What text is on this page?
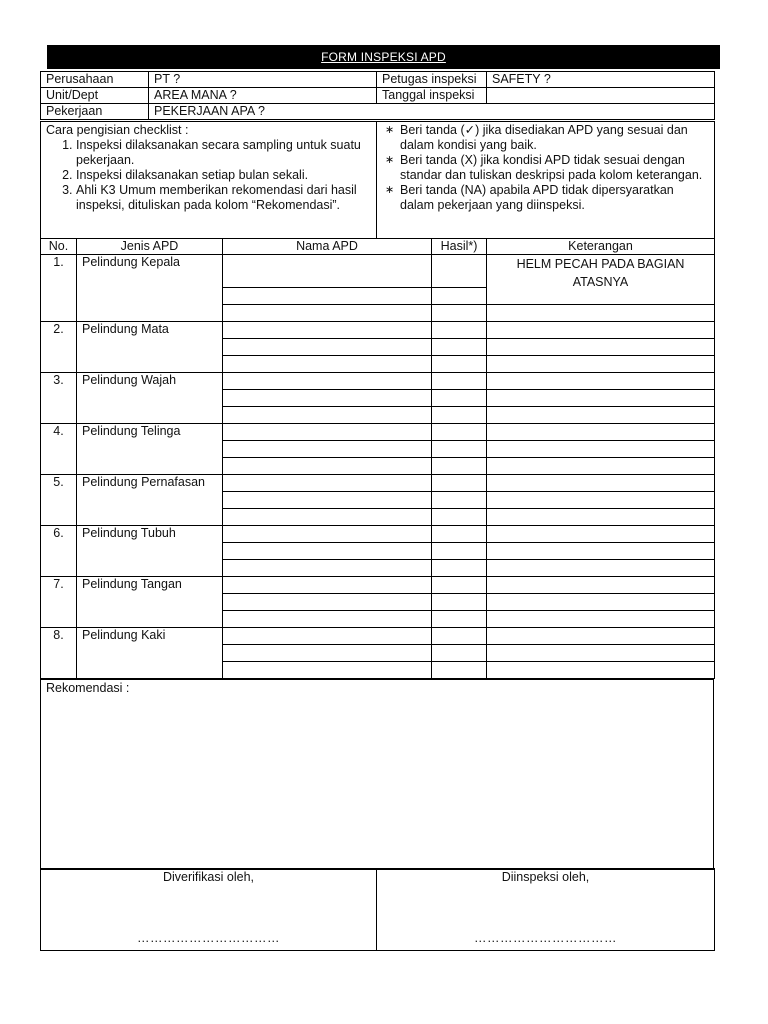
FORM INSPEKSI APD
Perusahaan	PT ?	Petugas inspeksi	SAFETY ?
Unit/Dept	AREA MANA ?	Tanggal inspeksi	
Pekerjaan	PEKERJAAN APA ?		
Cara pengisian checklist :
1. Inspeksi dilaksanakan secara sampling untuk suatu pekerjaan.
2. Inspeksi dilaksanakan setiap bulan sekali.
3. Ahli K3 Umum memberikan rekomendasi dari hasil inspeksi, dituliskan pada kolom “Rekomendasi”.

∗ Beri tanda (✓) jika disediakan APD yang sesuai dan dalam kondisi yang baik.
∗ Beri tanda (X) jika kondisi APD tidak sesuai dengan standar dan tuliskan deskripsi pada kolom keterangan.
∗ Beri tanda (NA) apabila APD tidak dipersyaratkan dalam pekerjaan yang diinspeksi.
No.	Jenis APD	Nama APD	Hasil*)	Keterangan
1.	Pelindung Kepala			HELM PECAH PADA BAGIAN ATASNYA

2.	Pelindung Mata			

3.	Pelindung Wajah			

4.	Pelindung Telinga			

5.	Pelindung Pernafasan			

6.	Pelindung Tubuh			

7.	Pelindung Tangan			

8.	Pelindung Kaki			

Rekomendasi :
Diverifikasi oleh,
……………………………
	Diinspeksi oleh,
……………………………
